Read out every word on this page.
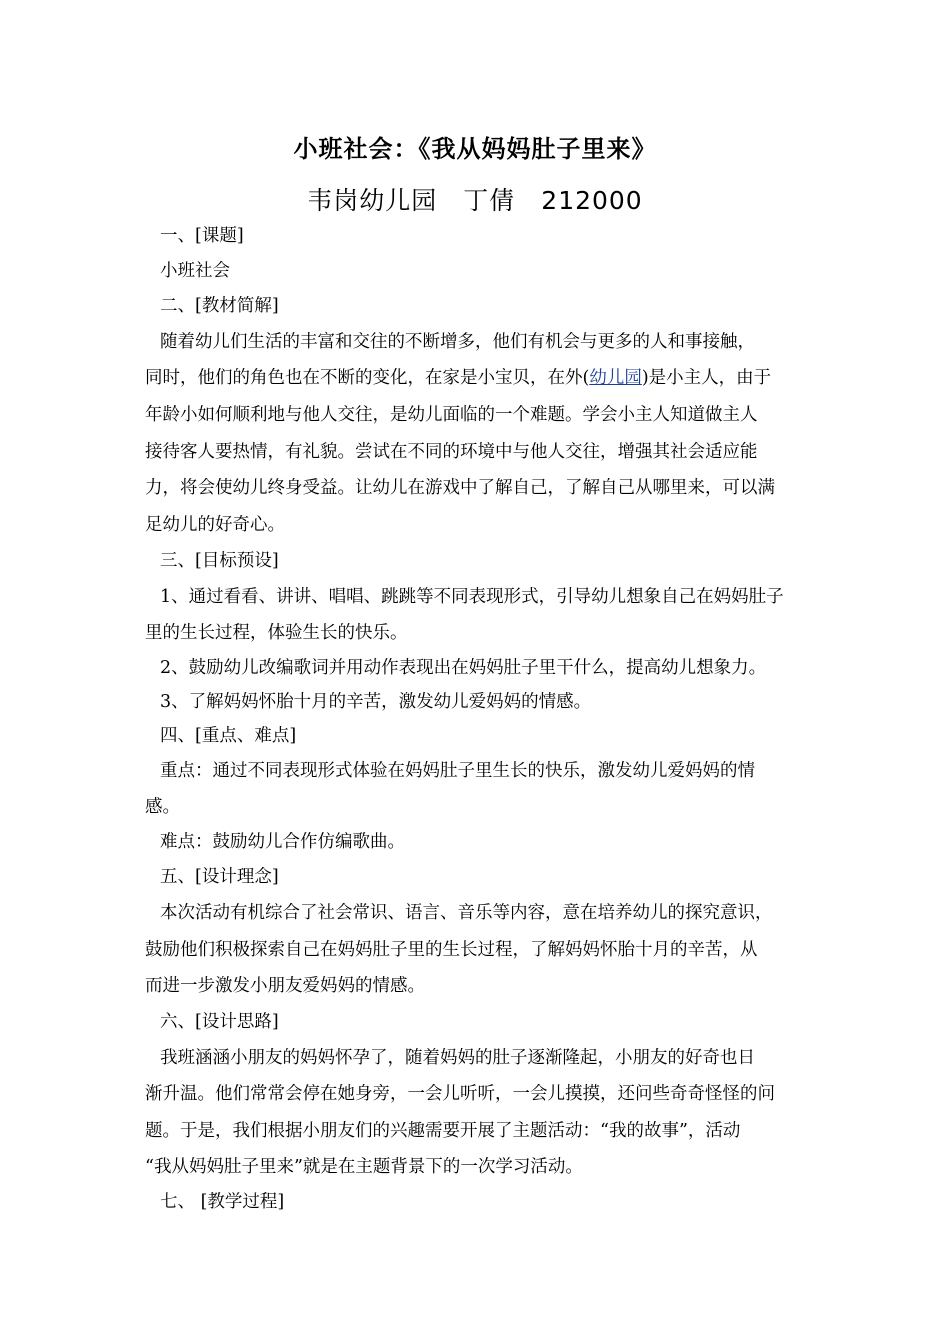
小班社会：《我从妈妈肚子里来》
韦岗幼儿园　丁倩　212000
一、[课题]
小班社会
二、[教材简解]
随着幼儿们生活的丰富和交往的不断增多，他们有机会与更多的人和事接触，
同时，他们的角色也在不断的变化，在家是小宝贝，在外(幼儿园)是小主人，由于
年龄小如何顺利地与他人交往，是幼儿面临的一个难题。学会小主人知道做主人
接待客人要热情，有礼貌。尝试在不同的环境中与他人交往，增强其社会适应能
力，将会使幼儿终身受益。让幼儿在游戏中了解自己，了解自己从哪里来，可以满
足幼儿的好奇心。
三、[目标预设]
1、通过看看、讲讲、唱唱、跳跳等不同表现形式，引导幼儿想象自己在妈妈肚子
里的生长过程，体验生长的快乐。
2、鼓励幼儿改编歌词并用动作表现出在妈妈肚子里干什么，提高幼儿想象力。
3、了解妈妈怀胎十月的辛苦，激发幼儿爱妈妈的情感。
四、[重点、难点]
重点：通过不同表现形式体验在妈妈肚子里生长的快乐，激发幼儿爱妈妈的情
感。
难点：鼓励幼儿合作仿编歌曲。
五、[设计理念]
本次活动有机综合了社会常识、语言、音乐等内容，意在培养幼儿的探究意识，
鼓励他们积极探索自己在妈妈肚子里的生长过程，了解妈妈怀胎十月的辛苦，从
而进一步激发小朋友爱妈妈的情感。
六、[设计思路]
我班涵涵小朋友的妈妈怀孕了，随着妈妈的肚子逐渐隆起，小朋友的好奇也日
渐升温。他们常常会停在她身旁，一会儿听听，一会儿摸摸，还问些奇奇怪怪的问
题。于是，我们根据小朋友们的兴趣需要开展了主题活动：“我的故事”，活动
“我从妈妈肚子里来”就是在主题背景下的一次学习活动。
七、 [教学过程]
